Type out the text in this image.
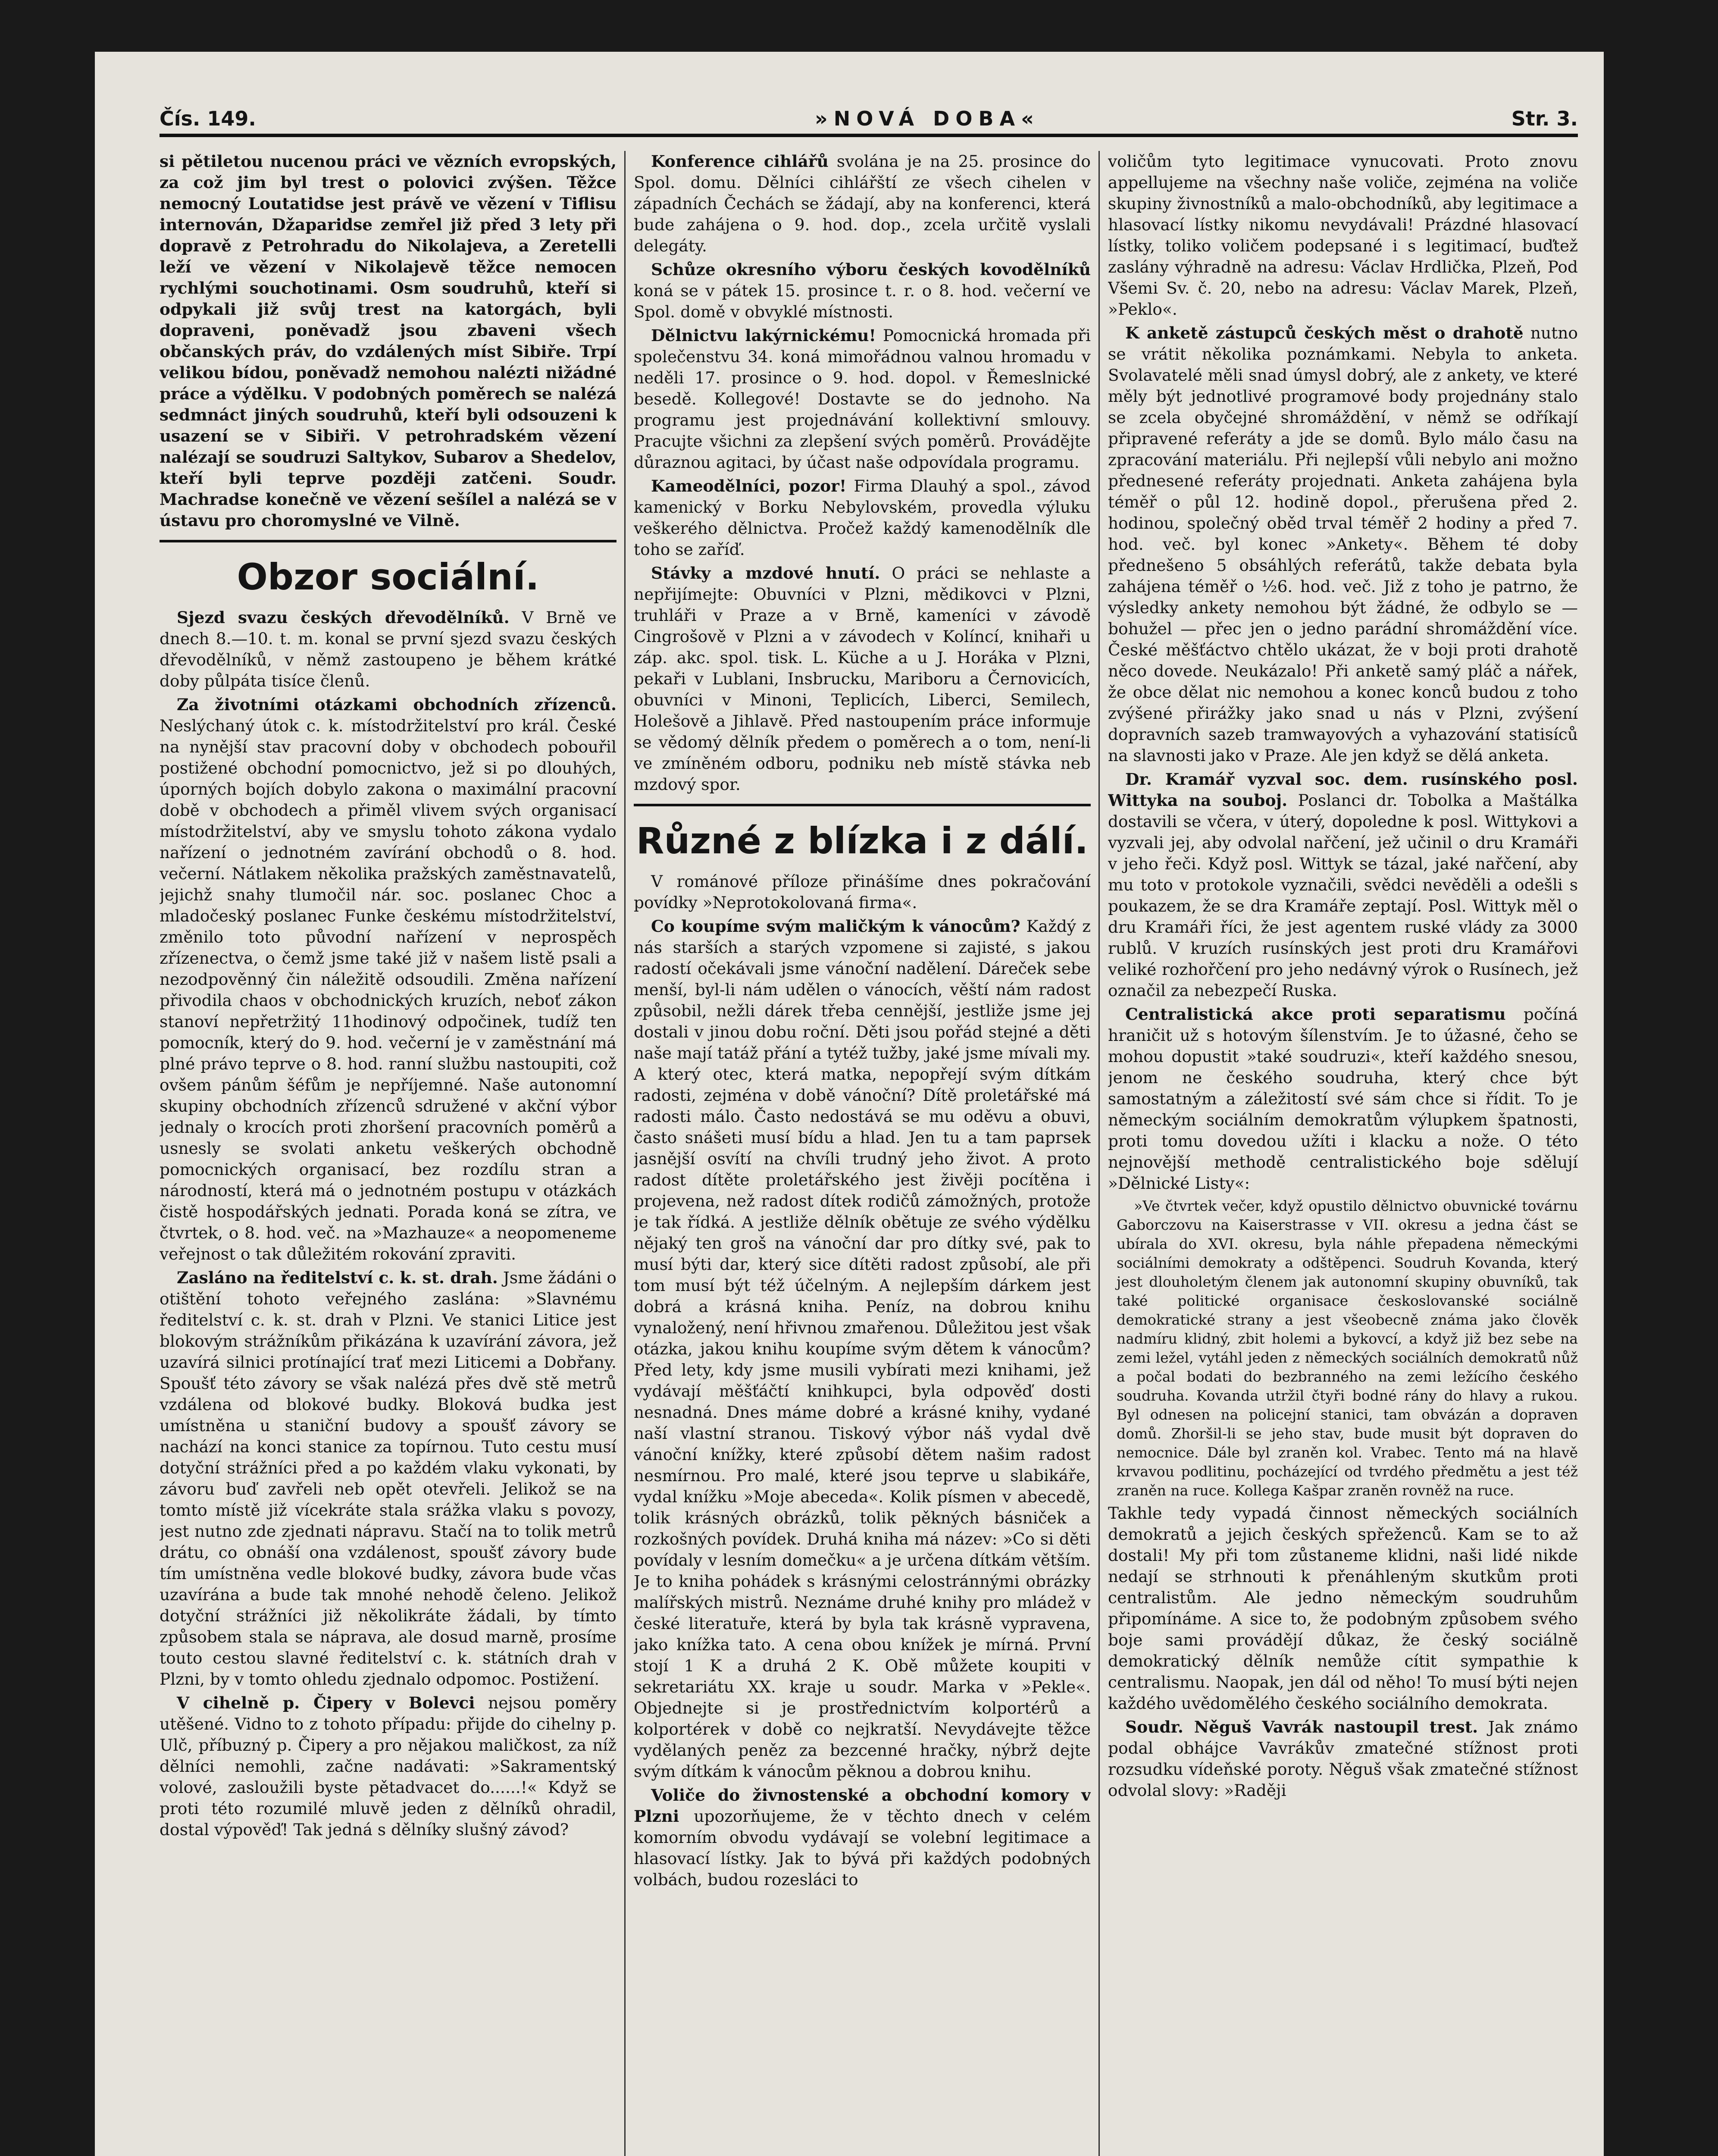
Čís. 149.	»NOVÁ DOBA«	Str. 3.

si pětiletou nucenou práci ve vězních evropských, za což jim byl trest o polovici zvýšen. Těžce nemocný Loutatidse jest právě ve vězení v Tiflisu internován, Džaparidse zemřel již před 3 lety při dopravě z Petrohradu do Nikolajeva, a Zeretelli leží ve vězení v Nikolajevě těžce nemocen rychlými souchotinami. Osm soudruhů, kteří si odpykali již svůj trest na katorgách, byli dopraveni, poněvadž jsou zbaveni všech občanských práv, do vzdálených míst Sibiře. Trpí velikou bídou, poněvadž nemohou nalézti nižádné práce a výdělku. V podobných poměrech se nalézá sedmnáct jiných soudruhů, kteří byli odsouzeni k usazení se v Sibiři. V petrohradském vězení nalézají se soudruzi Saltykov, Subarov a Shedelov, kteří byli teprve později zatčeni. Soudr. Machradse konečně ve vězení sešílel a nalézá se v ústavu pro choromyslné ve Vilně.

Obzor sociální.

Sjezd svazu českých dřevodělníků. V Brně ve dnech 8.—10. t. m. konal se první sjezd svazu českých dřevodělníků, v němž zastoupeno je během krátké doby půlpáta tisíce členů.

Za životními otázkami obchodních zřízenců. Neslýchaný útok c. k. místodržitelství pro král. České na nynější stav pracovní doby v obchodech pobouřil postižené obchodní pomocnictvo, jež si po dlouhých, úporných bojích dobylo zakona o maximální pracovní době v obchodech a přiměl vlivem svých organisací místodržitelství, aby ve smyslu tohoto zákona vydalo nařízení o jednotném zavírání obchodů o 8. hod. večerní. Nátlakem několika pražských zaměstnavatelů, jejichž snahy tlumočil nár. soc. poslanec Choc a mladočeský poslanec Funke českému místodržitelství, změnilo toto původní nařízení v neprospěch zřízenectva, o čemž jsme také již v našem listě psali a nezodpověnný čin náležitě odsoudili. Změna nařízení přivodila chaos v obchodnických kruzích, neboť zákon stanoví nepřetržitý 11hodinový odpočinek, tudíž ten pomocník, který do 9. hod. večerní je v zaměstnání má plné právo teprve o 8. hod. ranní službu nastoupiti, což ovšem pánům šéfům je nepříjemné. Naše autonomní skupiny obchodních zřízenců sdružené v akční výbor jednaly o krocích proti zhoršení pracovních poměrů a usnesly se svolati anketu veškerých obchodně pomocnických organisací, bez rozdílu stran a národností, která má o jednotném postupu v otázkách čistě hospodářských jednati. Porada koná se zítra, ve čtvrtek, o 8. hod. več. na »Mazhauze« a neopomeneme veřejnost o tak důležitém rokování zpraviti.

Zasláno na ředitelství c. k. st. drah. Jsme žádáni o otištění tohoto veřejného zaslána: »Slavnému ředitelství c. k. st. drah v Plzni. Ve stanici Litice jest blokovým strážníkům přikázána k uzavírání závora, jež uzavírá silnici protínající trať mezi Liticemi a Dobřany. Spoušť této závory se však nalézá přes dvě stě metrů vzdálena od blokové budky. Bloková budka jest umístněna u staniční budovy a spoušť závory se nachází na konci stanice za topírnou. Tuto cestu musí dotyční strážníci před a po každém vlaku vykonati, by závoru buď zavřeli neb opět otevřeli. Jelikož se na tomto místě již vícekráte stala srážka vlaku s povozy, jest nutno zde zjednati nápravu. Stačí na to tolik metrů drátu, co obnáší ona vzdálenost, spoušť závory bude tím umístněna vedle blokové budky, závora bude včas uzavírána a bude tak mnohé nehodě čeleno. Jelikož dotyční strážníci již několikráte žádali, by tímto způsobem stala se náprava, ale dosud marně, prosíme touto cestou slavné ředitelství c. k. státních drah v Plzni, by v tomto ohledu zjednalo odpomoc. Postižení.

V cihelně p. Čipery v Bolevci nejsou poměry utěšené. Vidno to z tohoto případu: přijde do cihelny p. Ulč, příbuzný p. Čipery a pro nějakou maličkost, za níž dělníci nemohli, začne nadávati: »Sakramentský volové, zasloužili byste pětadvacet do......!« Když se proti této rozumilé mluvě jeden z dělníků ohradil, dostal výpověď! Tak jedná s dělníky slušný závod?

Konference cihlářů svolána je na 25. prosince do Spol. domu. Dělníci cihlářští ze všech cihelen v západních Čechách se žádají, aby na konferenci, která bude zahájena o 9. hod. dop., zcela určitě vyslali delegáty.

Schůze okresního výboru českých kovodělníků koná se v pátek 15. prosince t. r. o 8. hod. večerní ve Spol. domě v obvyklé místnosti.

Dělnictvu lakýrnickému! Pomocnická hromada při společenstvu 34. koná mimořádnou valnou hromadu v neděli 17. prosince o 9. hod. dopol. v Řemeslnické besedě. Kollegové! Dostavte se do jednoho. Na programu jest projednávání kollektivní smlouvy. Pracujte všichni za zlepšení svých poměrů. Provádějte důraznou agitaci, by účast naše odpovídala programu.

Kameodělníci, pozor! Firma Dlauhý a spol., závod kamenický v Borku Nebylovském, provedla výluku veškerého dělnictva. Pročež každý kamenodělník dle toho se zaříď.

Stávky a mzdové hnutí. O práci se nehlaste a nepřijímejte: Obuvníci v Plzni, mědikovci v Plzni, truhláři v Praze a v Brně, kameníci v závodě Cingrošově v Plzni a v závodech v Kolíncí, knihaři u záp. akc. spol. tisk. L. Küche a u J. Horáka v Plzni, pekaři v Lublani, Insbrucku, Mariboru a Černovicích, obuvníci v Minoni, Teplicích, Liberci, Semilech, Holešově a Jihlavě. Před nastoupením práce informuje se vědomý dělník předem o poměrech a o tom, není-li ve zmíněném odboru, podniku neb místě stávka neb mzdový spor.

Různé z blízka i z dálí.

V románové příloze přinášíme dnes pokračování povídky »Neprotokolovaná firma«.

Co koupíme svým maličkým k vánocům? Každý z nás starších a starých vzpomene si zajisté, s jakou radostí očekávali jsme vánoční nadělení. Dáreček sebe menší, byl-li nám udělen o vánocích, věští nám radost způsobil, nežli dárek třeba cennější, jestliže jsme jej dostali v jinou dobu roční. Děti jsou pořád stejné a děti naše mají tatáž přání a tytéž tužby, jaké jsme mívali my. A který otec, která matka, nepopřejí svým dítkám radosti, zejména v době vánoční? Dítě proletářské má radosti málo. Často nedostává se mu oděvu a obuvi, často snášeti musí bídu a hlad. Jen tu a tam paprsek jasnější osvítí na chvíli trudný jeho život. A proto radost dítěte proletářského jest živěji pocítěna i projevena, než radost dítek rodičů zámožných, protože je tak řídká. A jestliže dělník obětuje ze svého výdělku nějaký ten groš na vánoční dar pro dítky své, pak to musí býti dar, který sice dítěti radost způsobí, ale při tom musí být též účelným. A nejlepším dárkem jest dobrá a krásná kniha. Peníz, na dobrou knihu vynaložený, není hřivnou zmařenou. Důležitou jest však otázka, jakou knihu koupíme svým dětem k vánocům? Před lety, kdy jsme musili vybírati mezi knihami, jež vydávají měšťáčtí knihkupci, byla odpověď dosti nesnadná. Dnes máme dobré a krásné knihy, vydané naší vlastní stranou. Tiskový výbor náš vydal dvě vánoční knížky, které způsobí dětem našim radost nesmírnou. Pro malé, které jsou teprve u slabikáře, vydal knížku »Moje abeceda«. Kolik písmen v abecedě, tolik krásných obrázků, tolik pěkných básniček a rozkošných povídek. Druhá kniha má název: »Co si děti povídaly v lesním domečku« a je určena dítkám větším. Je to kniha pohádek s krásnými celostránnými obrázky malířských mistrů. Neznáme druhé knihy pro mládež v české literatuře, která by byla tak krásně vypravena, jako knížka tato. A cena obou knížek je mírná. První stojí 1 K a druhá 2 K. Obě můžete koupiti v sekretariátu XX. kraje u soudr. Marka v »Pekle«. Objednejte si je prostřednictvím kolportérů a kolportérek v době co nejkratší. Nevydávejte těžce vydělaných peněz za bezcenné hračky, nýbrž dejte svým dítkám k vánocům pěknou a dobrou knihu.

Voliče do živnostenské a obchodní komory v Plzni upozorňujeme, že v těchto dnech v celém komorním obvodu vydávají se volební legitimace a hlasovací lístky. Jak to bývá při každých podobných volbách, budou rozesláci to

voličům tyto legitimace vynucovati. Proto znovu appellujeme na všechny naše voliče, zejména na voliče skupiny živnostníků a malo-obchodníků, aby legitimace a hlasovací lístky nikomu nevydávali! Prázdné hlasovací lístky, toliko voličem podepsané i s legitimací, buďtež zaslány výhradně na adresu: Václav Hrdlička, Plzeň, Pod Všemi Sv. č. 20, nebo na adresu: Václav Marek, Plzeň, »Peklo«.

K anketě zástupců českých měst o drahotě nutno se vrátit několika poznámkami. Nebyla to anketa. Svolavatelé měli snad úmysl dobrý, ale z ankety, ve které měly být jednotlivé programové body projednány stalo se zcela obyčejné shromáždění, v němž se odříkají připravené referáty a jde se domů. Bylo málo času na zpracování materiálu. Při nejlepší vůli nebylo ani možno přednesené referáty projednati. Anketa zahájena byla téměř o půl 12. hodině dopol., přerušena před 2. hodinou, společný oběd trval téměř 2 hodiny a před 7. hod. več. byl konec »Ankety«. Během té doby přednešeno 5 obsáhlých referátů, takže debata byla zahájena téměř o ½6. hod. več. Již z toho je patrno, že výsledky ankety nemohou být žádné, že odbylo se — bohužel — přec jen o jedno parádní shromáždění více. České měšťáctvo chtělo ukázat, že v boji proti drahotě něco dovede. Neukázalo! Při anketě samý pláč a nářek, že obce dělat nic nemohou a konec konců budou z toho zvýšené přirážky jako snad u nás v Plzni, zvýšení dopravních sazeb tramwayových a vyhazování statisíců na slavnosti jako v Praze. Ale jen když se dělá anketa.

Dr. Kramář vyzval soc. dem. rusínského posl. Wittyka na souboj. Poslanci dr. Tobolka a Maštálka dostavili se včera, v úterý, dopoledne k posl. Wittykovi a vyzvali jej, aby odvolal nařčení, jež učinil o dru Kramáři v jeho řeči. Když posl. Wittyk se tázal, jaké nařčení, aby mu toto v protokole vyznačili, svědci nevěděli a odešli s poukazem, že se dra Kramáře zeptají. Posl. Wittyk měl o dru Kramáři říci, že jest agentem ruské vlády za 3000 rublů. V kruzích rusínských jest proti dru Kramářovi veliké rozhořčení pro jeho nedávný výrok o Rusínech, jež označil za nebezpečí Ruska.

Centralistická akce proti separatismu počíná hraničit už s hotovým šílenstvím. Je to úžasné, čeho se mohou dopustit »také soudruzi«, kteří každého snesou, jenom ne českého soudruha, který chce být samostatným a záležitostí své sám chce si řídit. To je německým sociálním demokratům výlupkem špatnosti, proti tomu dovedou užíti i klacku a nože. O této nejnovější methodě centralistického boje sdělují »Dělnické Listy«:

»Ve čtvrtek večer, když opustilo dělnictvo obuvnické továrnu Gaborczovu na Kaiserstrasse v VII. okresu a jedna část se ubírala do XVI. okresu, byla náhle přepadena německými sociálními demokraty a odštěpenci. Soudruh Kovanda, který jest dlouholetým členem jak autonomní skupiny obuvníků, tak také politické organisace českoslovanské sociálně demokratické strany a jest všeobecně známa jako člověk nadmíru klidný, zbit holemi a bykovcí, a když již bez sebe na zemi ležel, vytáhl jeden z německých sociálních demokratů nůž a počal bodati do bezbranného na zemi ležícího českého soudruha. Kovanda utržil čtyři bodné rány do hlavy a rukou. Byl odnesen na policejní stanici, tam obvázán a dopraven domů. Zhoršil-li se jeho stav, bude musit být dopraven do nemocnice. Dále byl zraněn kol. Vrabec. Tento má na hlavě krvavou podlitinu, pocházející od tvrdého předmětu a jest též zraněn na ruce. Kollega Kašpar zraněn rovněž na ruce.

Takhle tedy vypadá činnost německých sociálních demokratů a jejich českých spřeženců. Kam se to až dostali! My při tom zůstaneme klidni, naši lidé nikde nedají se strhnouti k přenáhleným skutkům proti centralistům. Ale jedno německým soudruhům připomínáme. A sice to, že podobným způsobem svého boje sami provádějí důkaz, že český sociálně demokratický dělník nemůže cítit sympathie k centralismu. Naopak, jen dál od něho! To musí býti nejen každého uvědomělého českého sociálního demokrata.

Soudr. Něguš Vavrák nastoupil trest. Jak známo podal obhájce Vavrákův zmatečné stížnost proti rozsudku vídeňské poroty. Něguš však zmatečné stížnost odvolal slovy: »Raději
